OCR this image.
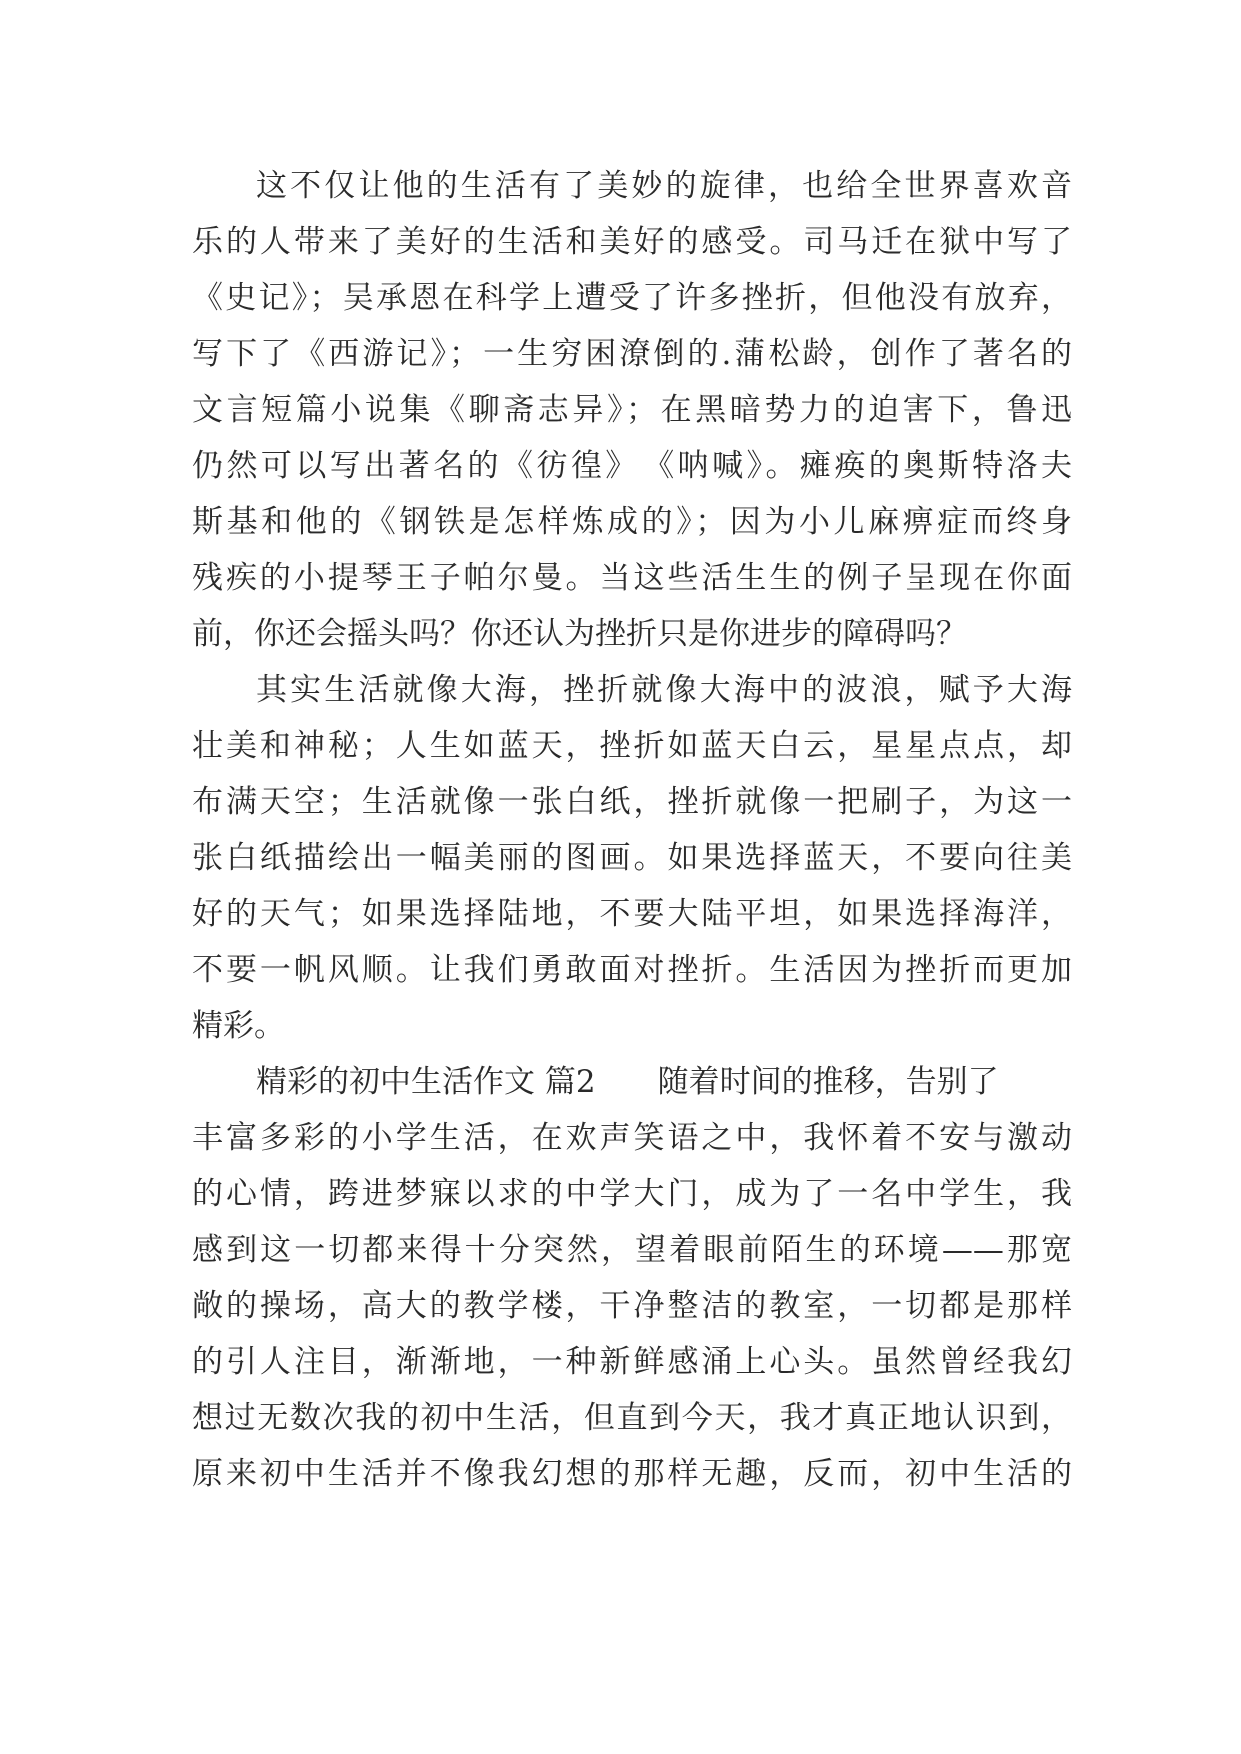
这不仅让他的生活有了美妙的旋律，也给全世界喜欢音
乐的人带来了美好的生活和美好的感受。司马迁在狱中写了
《史记》；吴承恩在科学上遭受了许多挫折，但他没有放弃，
写下了《西游记》；一生穷困潦倒的.蒲松龄，创作了著名的
文言短篇小说集《聊斋志异》；在黑暗势力的迫害下，鲁迅
仍然可以写出著名的《彷徨》　《呐喊》。瘫痪的奥斯特洛夫
斯基和他的《钢铁是怎样炼成的》；因为小儿麻痹症而终身
残疾的小提琴王子帕尔曼。当这些活生生的例子呈现在你面
前，你还会摇头吗？你还认为挫折只是你进步的障碍吗？
其实生活就像大海，挫折就像大海中的波浪，赋予大海
壮美和神秘；人生如蓝天，挫折如蓝天白云，星星点点，却
布满天空；生活就像一张白纸，挫折就像一把刷子，为这一
张白纸描绘出一幅美丽的图画。如果选择蓝天，不要向往美
好的天气；如果选择陆地，不要大陆平坦，如果选择海洋，
不要一帆风顺。让我们勇敢面对挫折。生活因为挫折而更加
精彩。
精彩的初中生活作文 篇2 随着时间的推移，告别了
丰富多彩的小学生活，在欢声笑语之中，我怀着不安与激动
的心情，跨进梦寐以求的中学大门，成为了一名中学生，我
感到这一切都来得十分突然，望着眼前陌生的环境——那宽
敞的操场，高大的教学楼，干净整洁的教室，一切都是那样
的引人注目，渐渐地，一种新鲜感涌上心头。虽然曾经我幻
想过无数次我的初中生活，但直到今天，我才真正地认识到，
原来初中生活并不像我幻想的那样无趣，反而，初中生活的
